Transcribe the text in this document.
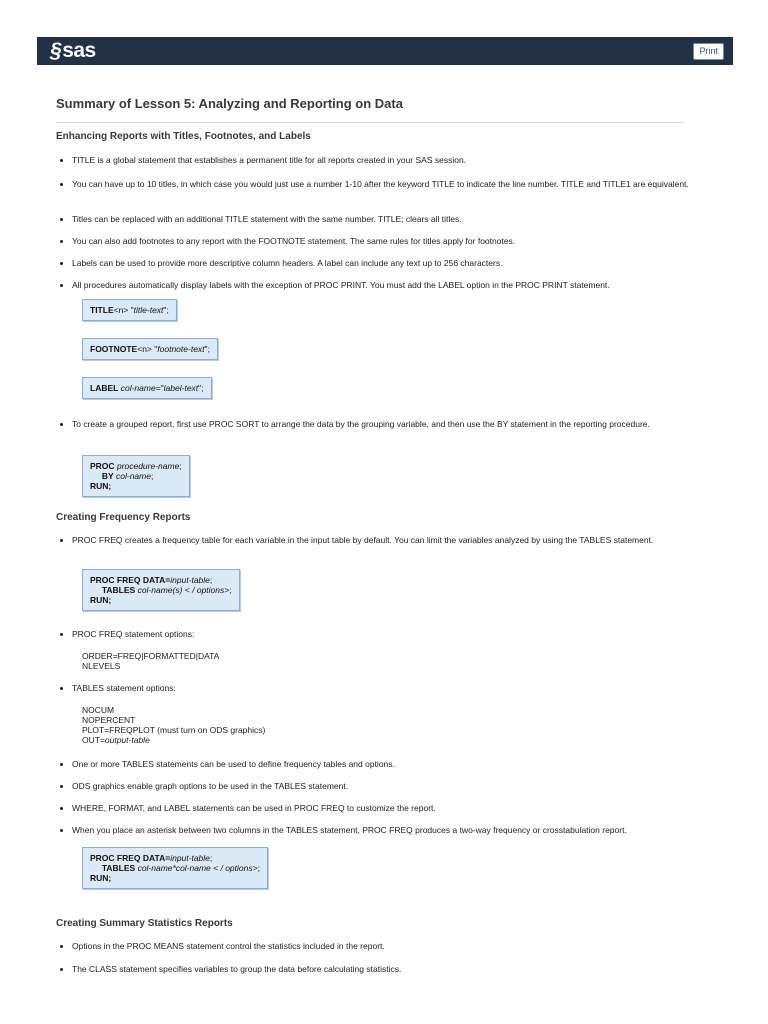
§sas	Print
Summary of Lesson 5: Analyzing and Reporting on Data
Enhancing Reports with Titles, Footnotes, and Labels
• TITLE is a global statement that establishes a permanent title for all reports created in your SAS session.
• You can have up to 10 titles, in which case you would just use a number 1-10 after the keyword TITLE to indicate the line number. TITLE and TITLE1 are equivalent.
• Titles can be replaced with an additional TITLE statement with the same number. TITLE; clears all titles.
• You can also add footnotes to any report with the FOOTNOTE statement. The same rules for titles apply for footnotes.
• Labels can be used to provide more descriptive column headers. A label can include any text up to 256 characters.
• All procedures automatically display labels with the exception of PROC PRINT. You must add the LABEL option in the PROC PRINT statement.
TITLE<n> "title-text";
FOOTNOTE<n> "footnote-text";
LABEL col-name="label-text";
• To create a grouped report, first use PROC SORT to arrange the data by the grouping variable, and then use the BY statement in the reporting procedure.
PROC procedure-name;
BY col-name;
RUN;
Creating Frequency Reports
• PROC FREQ creates a frequency table for each variable in the input table by default. You can limit the variables analyzed by using the TABLES statement.
PROC FREQ DATA=input-table;
TABLES col-name(s) < / options>;
RUN;
• PROC FREQ statement options:
ORDER=FREQ|FORMATTED|DATA
NLEVELS
• TABLES statement options:
NOCUM
NOPERCENT
PLOT=FREQPLOT (must turn on ODS graphics)
OUT=output-table
• One or more TABLES statements can be used to define frequency tables and options.
• ODS graphics enable graph options to be used in the TABLES statement.
• WHERE, FORMAT, and LABEL statements can be used in PROC FREQ to customize the report.
• When you place an asterisk between two columns in the TABLES statement, PROC FREQ produces a two-way frequency or crosstabulation report.
PROC FREQ DATA=input-table;
TABLES col-name*col-name < / options>;
RUN;
Creating Summary Statistics Reports
• Options in the PROC MEANS statement control the statistics included in the report.
• The CLASS statement specifies variables to group the data before calculating statistics.
